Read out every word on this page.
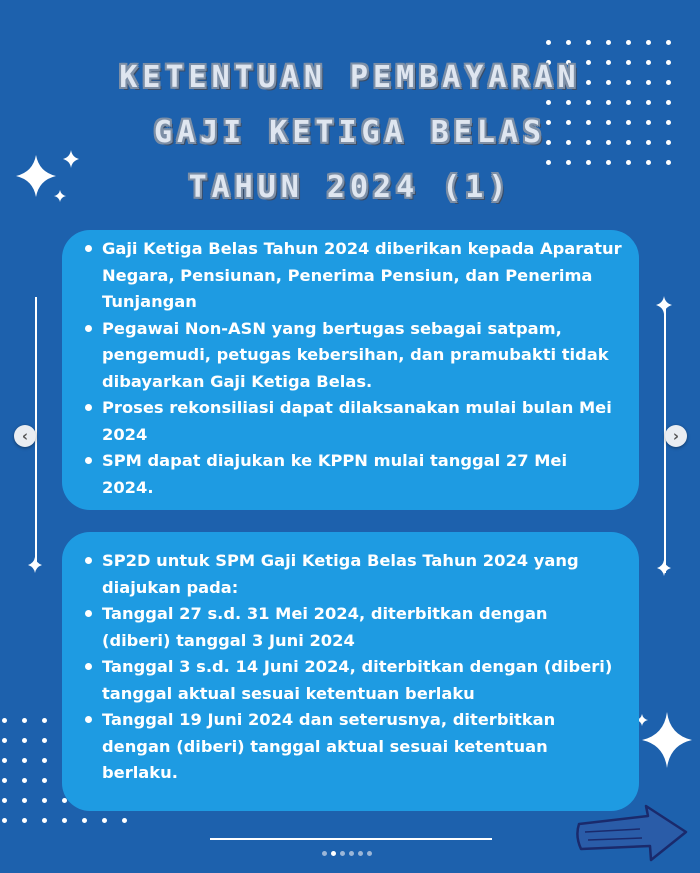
KETENTUAN PEMBAYARAN
GAJI KETIGA BELAS
TAHUN 2024 (1)
Gaji Ketiga Belas Tahun 2024 diberikan kepada Aparatur Negara, Pensiunan, Penerima Pensiun, dan Penerima Tunjangan
Pegawai Non-ASN yang bertugas sebagai satpam, pengemudi, petugas kebersihan, dan pramubakti tidak dibayarkan Gaji Ketiga Belas.
Proses rekonsiliasi dapat dilaksanakan mulai bulan Mei 2024
SPM dapat diajukan ke KPPN mulai tanggal 27 Mei 2024.
SP2D untuk SPM Gaji Ketiga Belas Tahun 2024 yang diajukan pada:
Tanggal 27 s.d. 31 Mei 2024, diterbitkan dengan (diberi) tanggal 3 Juni 2024
Tanggal 3 s.d. 14 Juni 2024, diterbitkan dengan (diberi) tanggal aktual sesuai ketentuan berlaku
Tanggal 19 Juni 2024 dan seterusnya, diterbitkan dengan (diberi) tanggal aktual sesuai ketentuan berlaku.
‹	›
